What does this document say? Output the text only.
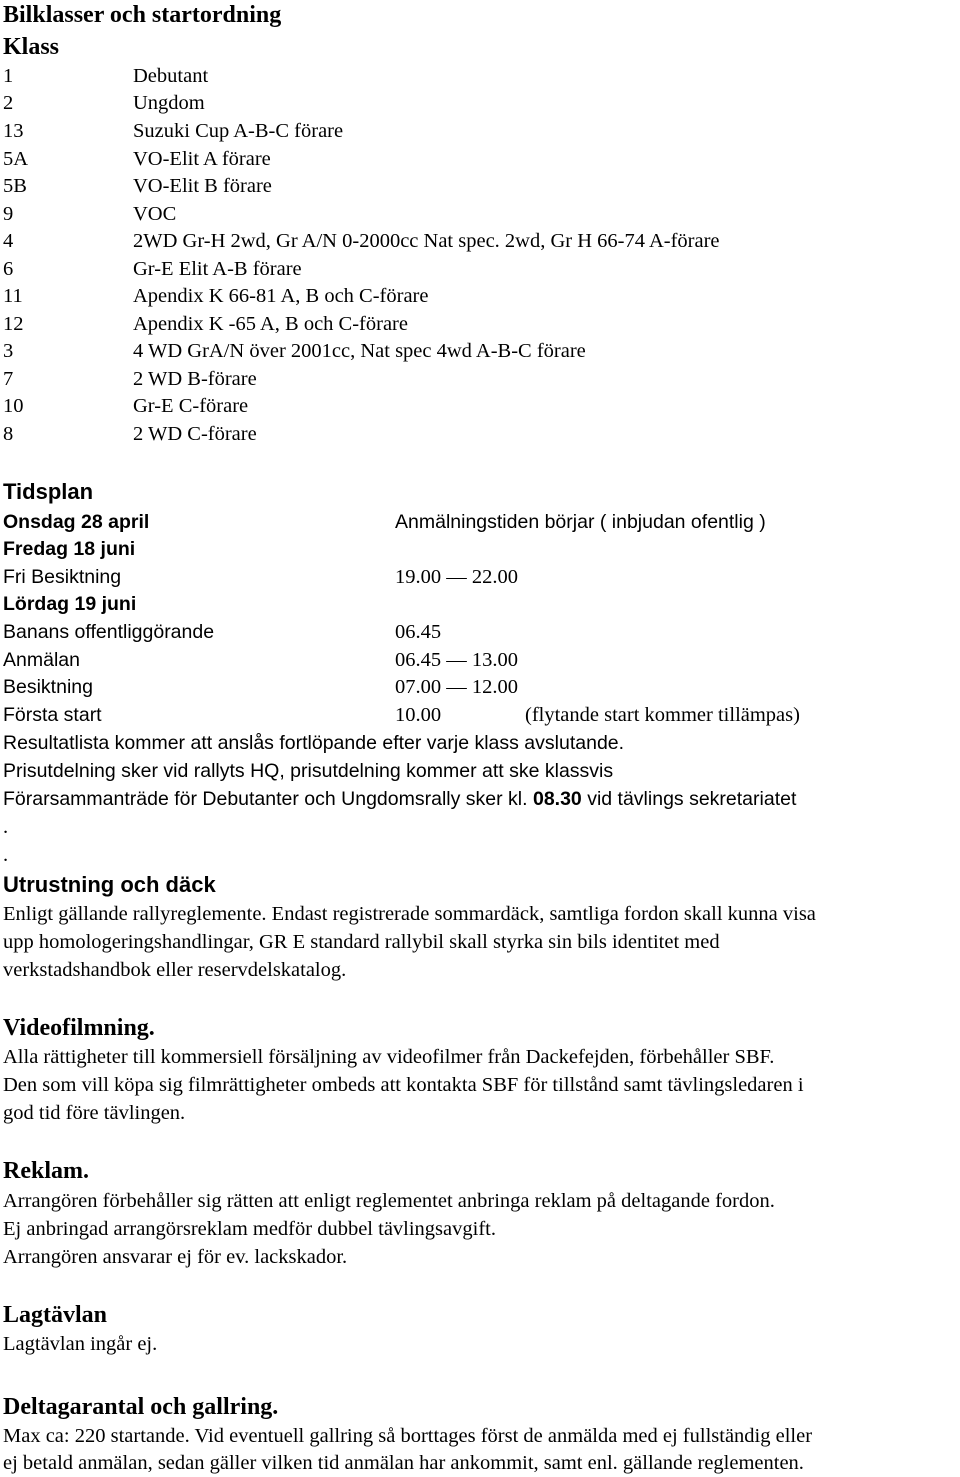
Bilklasser och startordning
Klass
1	Debutant
2	Ungdom
13	Suzuki Cup A-B-C förare
5A	VO-Elit A förare
5B	VO-Elit B förare
9	VOC
4	2WD Gr-H 2wd, Gr A/N 0-2000cc Nat spec. 2wd, Gr H 66-74 A-förare
6	Gr-E Elit A-B förare
11	Apendix K 66-81 A, B och C-förare
12	Apendix K -65 A, B och C-förare
3	4 WD GrA/N över 2001cc, Nat spec 4wd A-B-C förare
7	2 WD B-förare
10	Gr-E C-förare
8	2 WD C-förare
Tidsplan
Onsdag 28 april	Anmälningstiden börjar ( inbjudan ofentlig )
Fredag 18 juni
Fri Besiktning	19.00 — 22.00
Lördag 19 juni
Banans offentliggörande	06.45
Anmälan	06.45 — 13.00
Besiktning	07.00 — 12.00
Första start	10.00	(flytande start kommer tillämpas)
Resultatlista kommer att anslås fortlöpande efter varje klass avslutande.
Prisutdelning sker vid rallyts HQ, prisutdelning kommer att ske klassvis
Förarsammanträde för Debutanter och Ungdomsrally sker kl. 08.30 vid tävlings sekretariatet
.
.
Utrustning och däck
Enligt gällande rallyreglemente. Endast registrerade sommardäck, samtliga fordon skall kunna visa
upp homologeringshandlingar, GR E standard rallybil skall styrka sin bils identitet med
verkstadshandbok eller reservdelskatalog.
Videofilmning.
Alla rättigheter till kommersiell försäljning av videofilmer från Dackefejden, förbehåller SBF.
Den som vill köpa sig filmrättigheter ombeds att kontakta SBF för tillstånd samt tävlingsledaren i
god tid före tävlingen.
Reklam.
Arrangören förbehåller sig rätten att enligt reglementet anbringa reklam på deltagande fordon.
Ej anbringad arrangörsreklam medför dubbel tävlingsavgift.
Arrangören ansvarar ej för ev. lackskador.
Lagtävlan
Lagtävlan ingår ej.
Deltagarantal och gallring.
Max ca: 220 startande. Vid eventuell gallring så borttages först de anmälda med ej fullständig eller
ej betald anmälan, sedan gäller vilken tid anmälan har ankommit, samt enl. gällande reglementen.
